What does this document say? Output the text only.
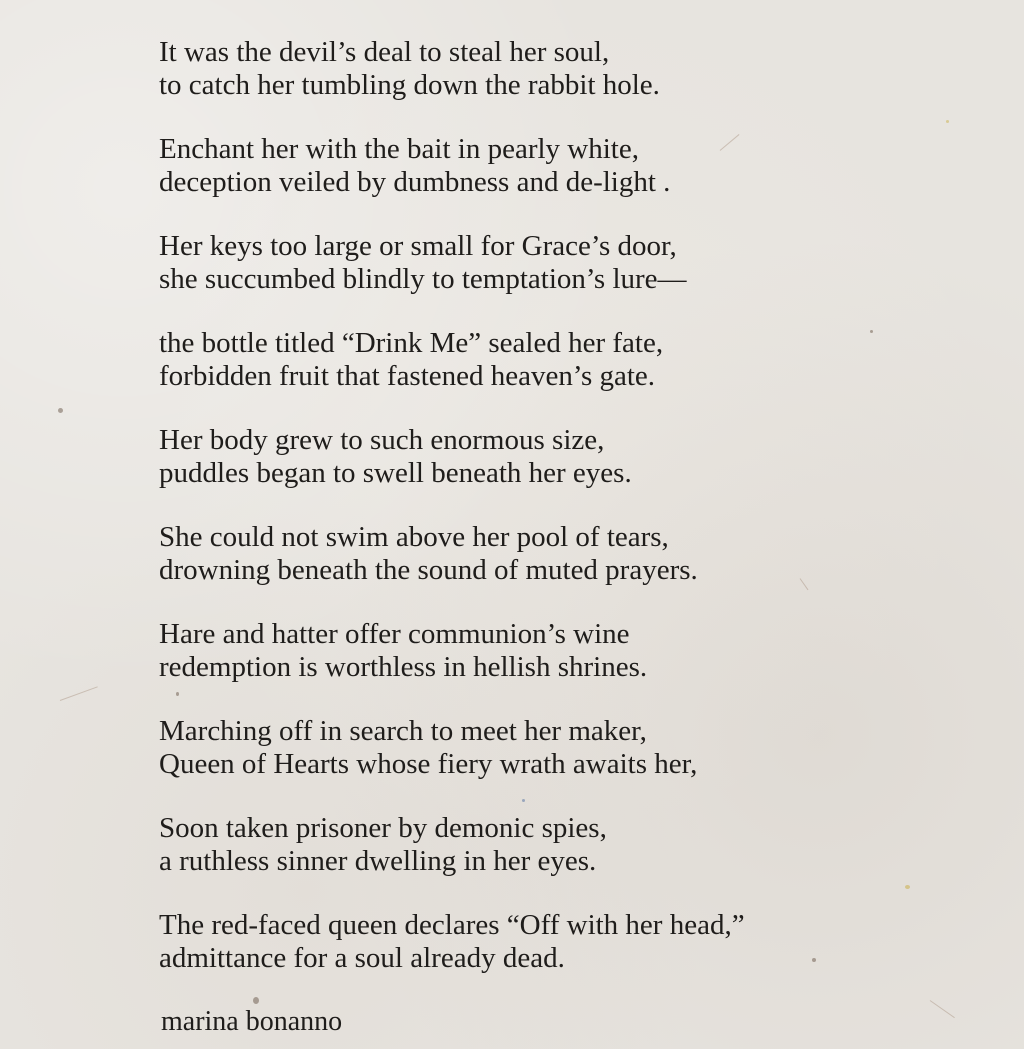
It was the devil’s deal to steal her soul,
to catch her tumbling down the rabbit hole.
Enchant her with the bait in pearly white,
deception veiled by dumbness and de-light .
Her keys too large or small for Grace’s door,
she succumbed blindly to temptation’s lure—
the bottle titled “Drink Me” sealed her fate,
forbidden fruit that fastened heaven’s gate.
Her body grew to such enormous size,
puddles began to swell beneath her eyes.
She could not swim above her pool of tears,
drowning beneath the sound of muted prayers.
Hare and hatter offer communion’s wine
redemption is worthless in hellish shrines.
Marching off in search to meet her maker,
Queen of Hearts whose fiery wrath awaits her,
Soon taken prisoner by demonic spies,
a ruthless sinner dwelling in her eyes.
The red-faced queen declares “Off with her head,”
admittance for a soul already dead.
marina bonanno
